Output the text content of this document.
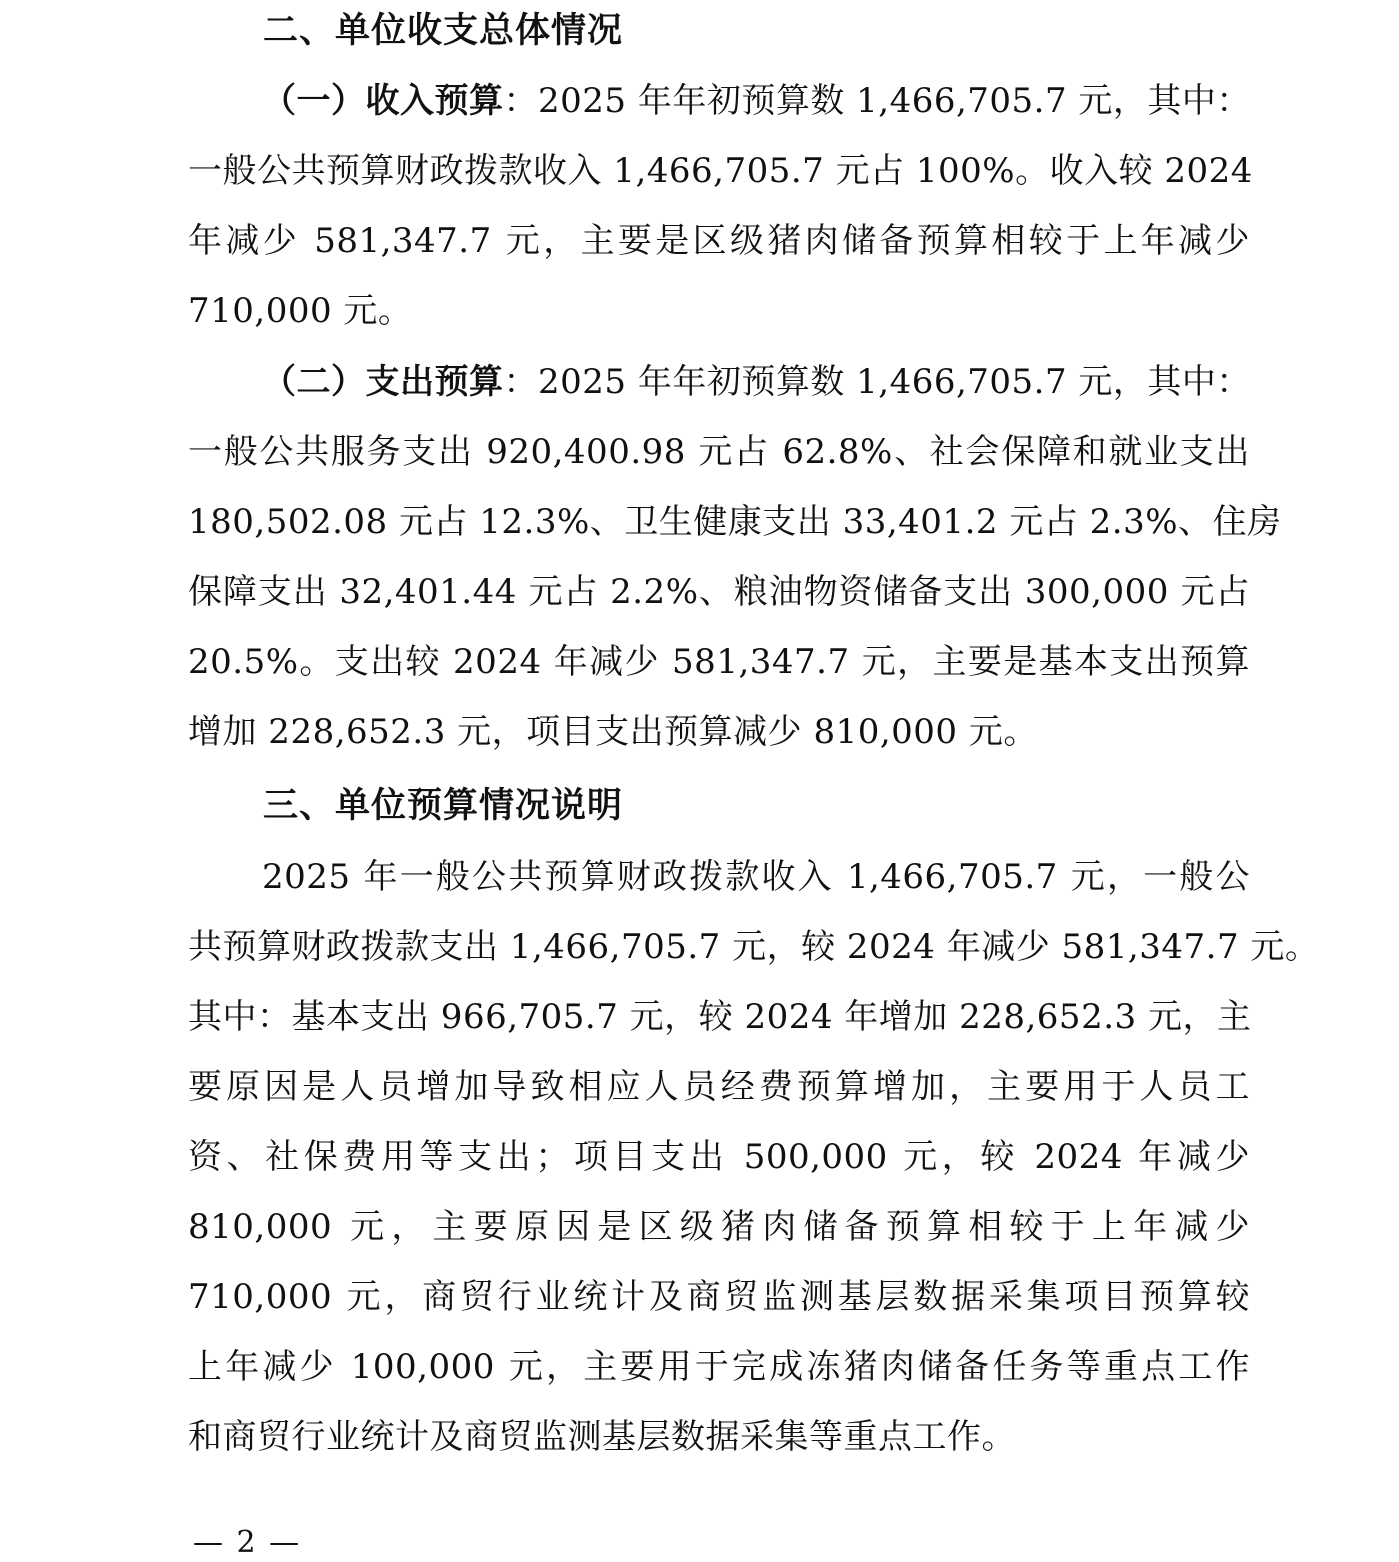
二、单位收支总体情况
（一）收入预算：2025 年年初预算数 1,466,705.7 元，其中：
一般公共预算财政拨款收入 1,466,705.7 元占 100%。收入较 2024
年减少 581,347.7 元，主要是区级猪肉储备预算相较于上年减少
710,000 元。
（二）支出预算：2025 年年初预算数 1,466,705.7 元，其中：
一般公共服务支出 920,400.98 元占 62.8%、社会保障和就业支出
180,502.08 元占 12.3%、卫生健康支出 33,401.2 元占 2.3%、住房
保障支出 32,401.44 元占 2.2%、粮油物资储备支出 300,000 元占
20.5%。支出较 2024 年减少 581,347.7 元，主要是基本支出预算
增加 228,652.3 元，项目支出预算减少 810,000 元。
三、单位预算情况说明
2025 年一般公共预算财政拨款收入 1,466,705.7 元，一般公
共预算财政拨款支出 1,466,705.7 元，较 2024 年减少 581,347.7 元。
其中：基本支出 966,705.7 元，较 2024 年增加 228,652.3 元，主
要原因是人员增加导致相应人员经费预算增加，主要用于人员工
资、社保费用等支出；项目支出 500,000 元，较 2024 年减少
810,000 元，主要原因是区级猪肉储备预算相较于上年减少
710,000 元，商贸行业统计及商贸监测基层数据采集项目预算较
上年减少 100,000 元，主要用于完成冻猪肉储备任务等重点工作
和商贸行业统计及商贸监测基层数据采集等重点工作。

— 2 —
